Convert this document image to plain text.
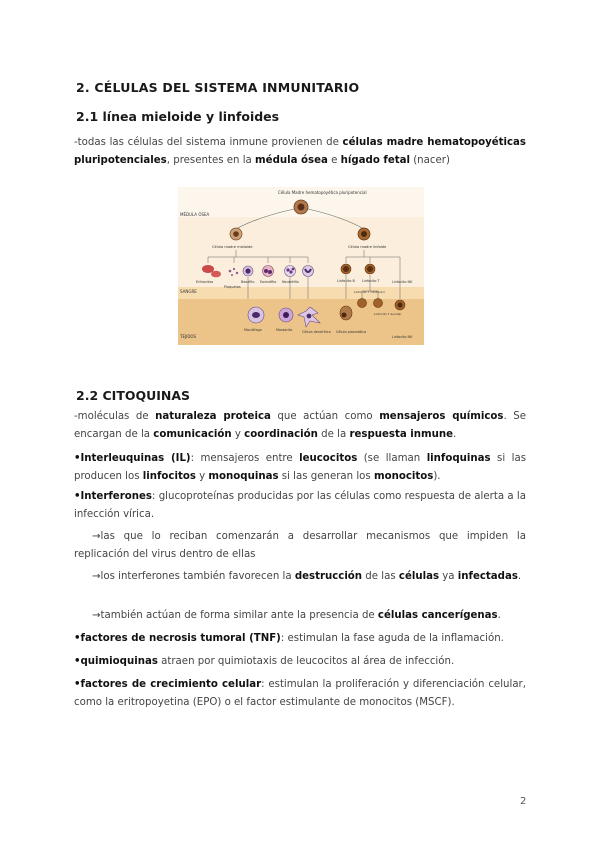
2. CÉLULAS DEL SISTEMA INMUNITARIO
2.1 línea mieloide y linfoides
-todas las células del sistema inmune provienen de células madre hematopoyéticas pluripotenciales, presentes en la médula ósea e hígado fetal (nacer)
MÉDULA ÓSEA
SANGRE
TEJIDOS
Célula Madre hematopoyética pluripotencial
Célula madre mieloide	Célula madre linfoide
Eritrocitos
Plaquetas
Basófilo Eosinófilo Neutrófilo	Linfocito B Linfocito T
Macrófago	Mastocito	Célula dendrítica Célula plasmática
Linfocito T citotóxico
Linfocito T auxiliar
Linfocito NK
Linfocito NK
2.2 CITOQUINAS
-moléculas de naturaleza proteica que actúan como mensajeros químicos. Se encargan de la comunicación y coordinación de la respuesta inmune.
•Interleuquinas (IL): mensajeros entre leucocitos (se llaman linfoquinas si las producen los linfocitos y monoquinas si las generan los monocitos).
•Interferones: glucoproteínas producidas por las células como respuesta de alerta a la infección vírica.
→las que lo reciban comenzarán a desarrollar mecanismos que impiden la replicación del virus dentro de ellas
→los interferones también favorecen la destrucción de las células ya infectadas.
→también actúan de forma similar ante la presencia de células cancerígenas.
•factores de necrosis tumoral (TNF): estimulan la fase aguda de la inflamación.
•quimioquinas atraen por quimiotaxis de leucocitos al área de infección.
•factores de crecimiento celular: estimulan la proliferación y diferenciación celular, como la eritropoyetina (EPO) o el factor estimulante de monocitos (MSCF).
2
